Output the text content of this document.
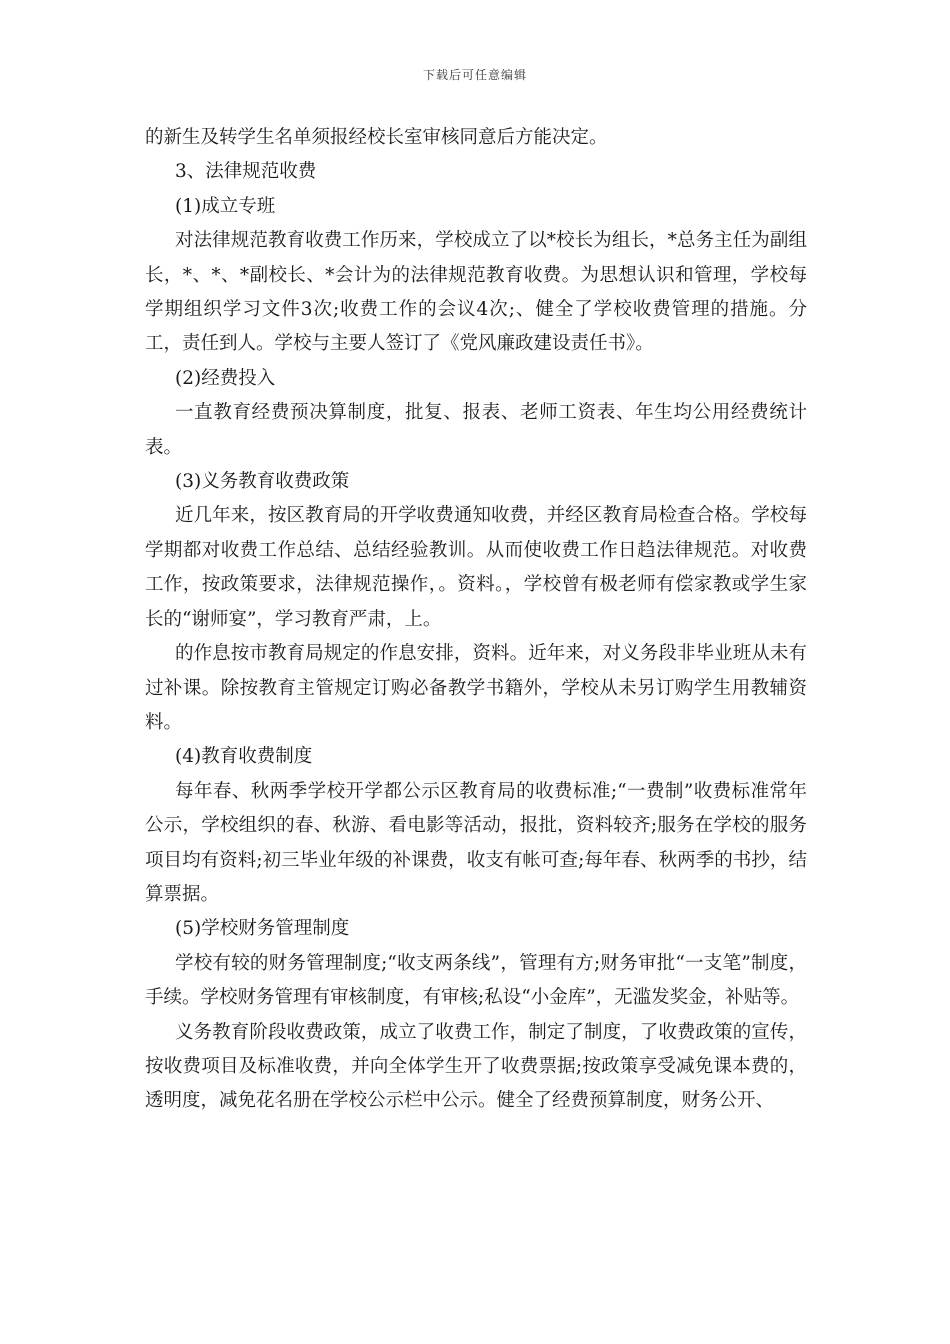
下载后可任意编辑

的新生及转学生名单须报经校长室审核同意后方能决定。

3、法律规范收费

(1)成立专班

对法律规范教育收费工作历来，学校成立了以*校长为组长，*总务主任为副组长，*、*、*副校长、*会计为的法律规范教育收费。为思想认识和管理，学校每学期组织学习文件3次;收费工作的会议4次;、健全了学校收费管理的措施。分工，责任到人。学校与主要人签订了《党风廉政建设责任书》。

(2)经费投入

一直教育经费预决算制度，批复、报表、老师工资表、年生均公用经费统计表。

(3)义务教育收费政策

近几年来，按区教育局的开学收费通知收费，并经区教育局检查合格。学校每学期都对收费工作总结、总结经验教训。从而使收费工作日趋法律规范。对收费工作，按政策要求，法律规范操作，。资料。，学校曾有极老师有偿家教或学生家长的“谢师宴”，学习教育严肃，上。

的作息按市教育局规定的作息安排，资料。近年来，对义务段非毕业班从未有过补课。除按教育主管规定订购必备教学书籍外，学校从未另订购学生用教辅资料。

(4)教育收费制度

每年春、秋两季学校开学都公示区教育局的收费标准;“一费制”收费标准常年公示，学校组织的春、秋游、看电影等活动，报批，资料较齐;服务在学校的服务项目均有资料;初三毕业年级的补课费，收支有帐可查;每年春、秋两季的书抄，结算票据。

(5)学校财务管理制度

学校有较的财务管理制度;“收支两条线”，管理有方;财务审批“一支笔”制度，手续。学校财务管理有审核制度，有审核;私设“小金库”，无滥发奖金，补贴等。

义务教育阶段收费政策，成立了收费工作，制定了制度，了收费政策的宣传，按收费项目及标准收费，并向全体学生开了收费票据;按政策享受减免课本费的，透明度，减免花名册在学校公示栏中公示。健全了经费预算制度，财务公开、
